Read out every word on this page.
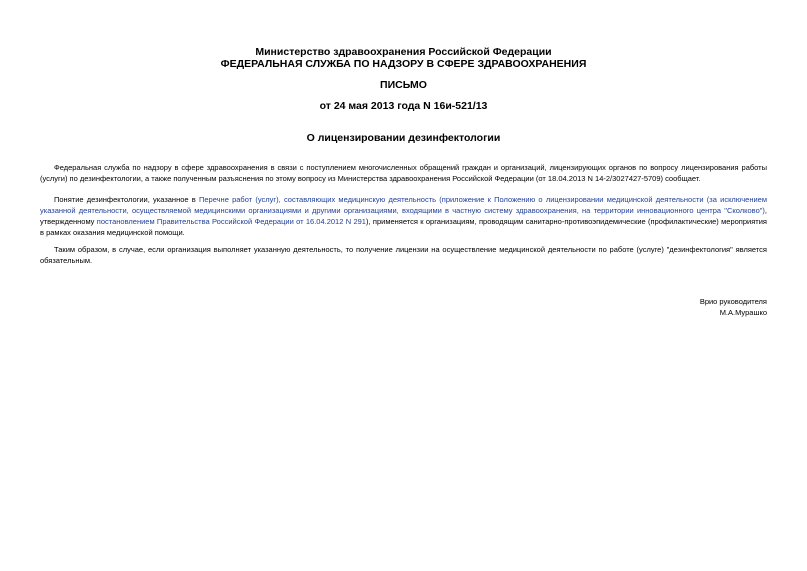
Министерство здравоохранения Российской Федерации
ФЕДЕРАЛЬНАЯ СЛУЖБА ПО НАДЗОРУ В СФЕРЕ ЗДРАВООХРАНЕНИЯ
ПИСЬМО
от 24 мая 2013 года N 16и-521/13
О лицензировании дезинфектологии
Федеральная служба по надзору в сфере здравоохранения в связи с поступлением многочисленных обращений граждан и организаций, лицензирующих органов по вопросу лицензирования работы (услуги) по дезинфектологии, а также полученным разъяснения по этому вопросу из Министерства здравоохранения Российской Федерации (от 18.04.2013 N 14-2/3027427-5709) сообщает.
Понятие дезинфектологии, указанное в Перечне работ (услуг), составляющих медицинскую деятельность (приложение к Положению о лицензировании медицинской деятельности (за исключением указанной деятельности, осуществляемой медицинскими организациями и другими организациями, входящими в частную систему здравоохранения, на территории инновационного центра "Сколково"), утвержденному постановлением Правительства Российской Федерации от 16.04.2012 N 291), применяется к организациям, проводящим санитарно-противоэпидемические (профилактические) мероприятия в рамках оказания медицинской помощи.
Таким образом, в случае, если организация выполняет указанную деятельность, то получение лицензии на осуществление медицинской деятельности по работе (услуге) "дезинфектология" является обязательным.
Врио руководителя
М.А.Мурашко
